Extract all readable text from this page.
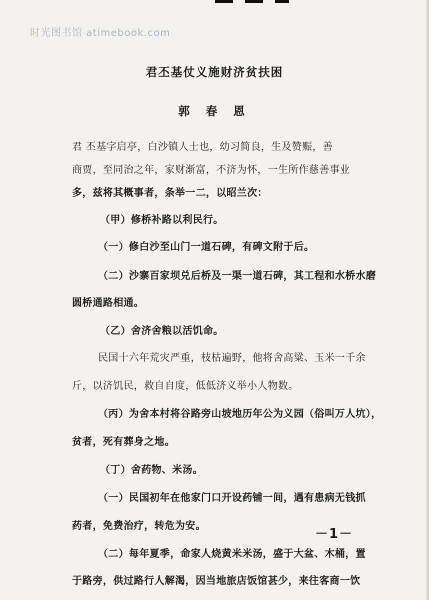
时光图书馆 atimebook.com
君丕基仗义施财济贫扶困
郭 春 恩
君 丕基字启亭，白沙镇人士也，幼习简良，生及赞赈，善
商贾，至同治之年，家财渐富，不济为怀，一生所作慈善事业
多，兹将其概事者，条举一二，以昭兰次：
（甲）修桥补路以利民行。
（一）修白沙至山门一道石碑，有碑文附于后。
（二）沙寨百家坝兑后桥及一渠一道石碑，其工程和水桥水磨
圆桥通路相通。
（乙）舍济舍粮以活饥命。
民国十六年荒灾严重，枝枯遍野，他将舍高粱、玉米一千余
斤，以济饥民，救自自度，低低济义举小人物数。
（丙）为舍本村将谷路旁山坡地历年公为义园（俗叫万人坑），
贫者，死有葬身之地。
（丁）舍药物、米汤。
（一）民国初年在他家门口开设药铺一间，遇有患病无钱抓
药者，免费治疗，转危为安。
（二）每年夏季，命家人烧黄米米汤，盛于大盆、木桶，置
于路旁，供过路行人解渴，因当地旅店饭馆甚少，来往客商一饮
－1－
